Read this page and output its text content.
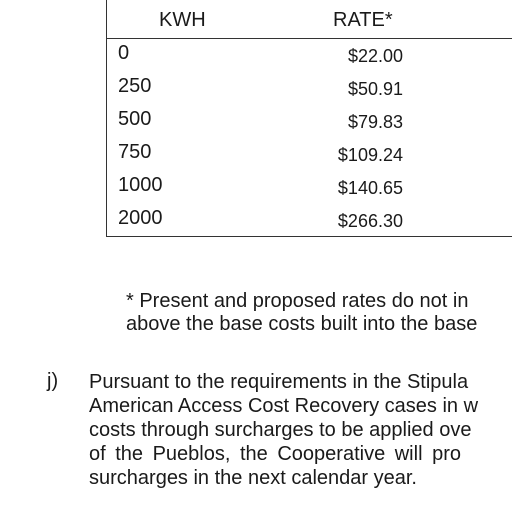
KWH	RATE*
0	$22.00
250	$50.91
500	$79.83
750	$109.24
1000	$140.65
2000	$266.30
* Present and proposed rates do not in
above the base costs built into the base
j) Pursuant to the requirements in the Stipula
American Access Cost Recovery cases in w
costs through surcharges to be applied ove
of the Pueblos, the Cooperative will pro
surcharges in the next calendar year.
